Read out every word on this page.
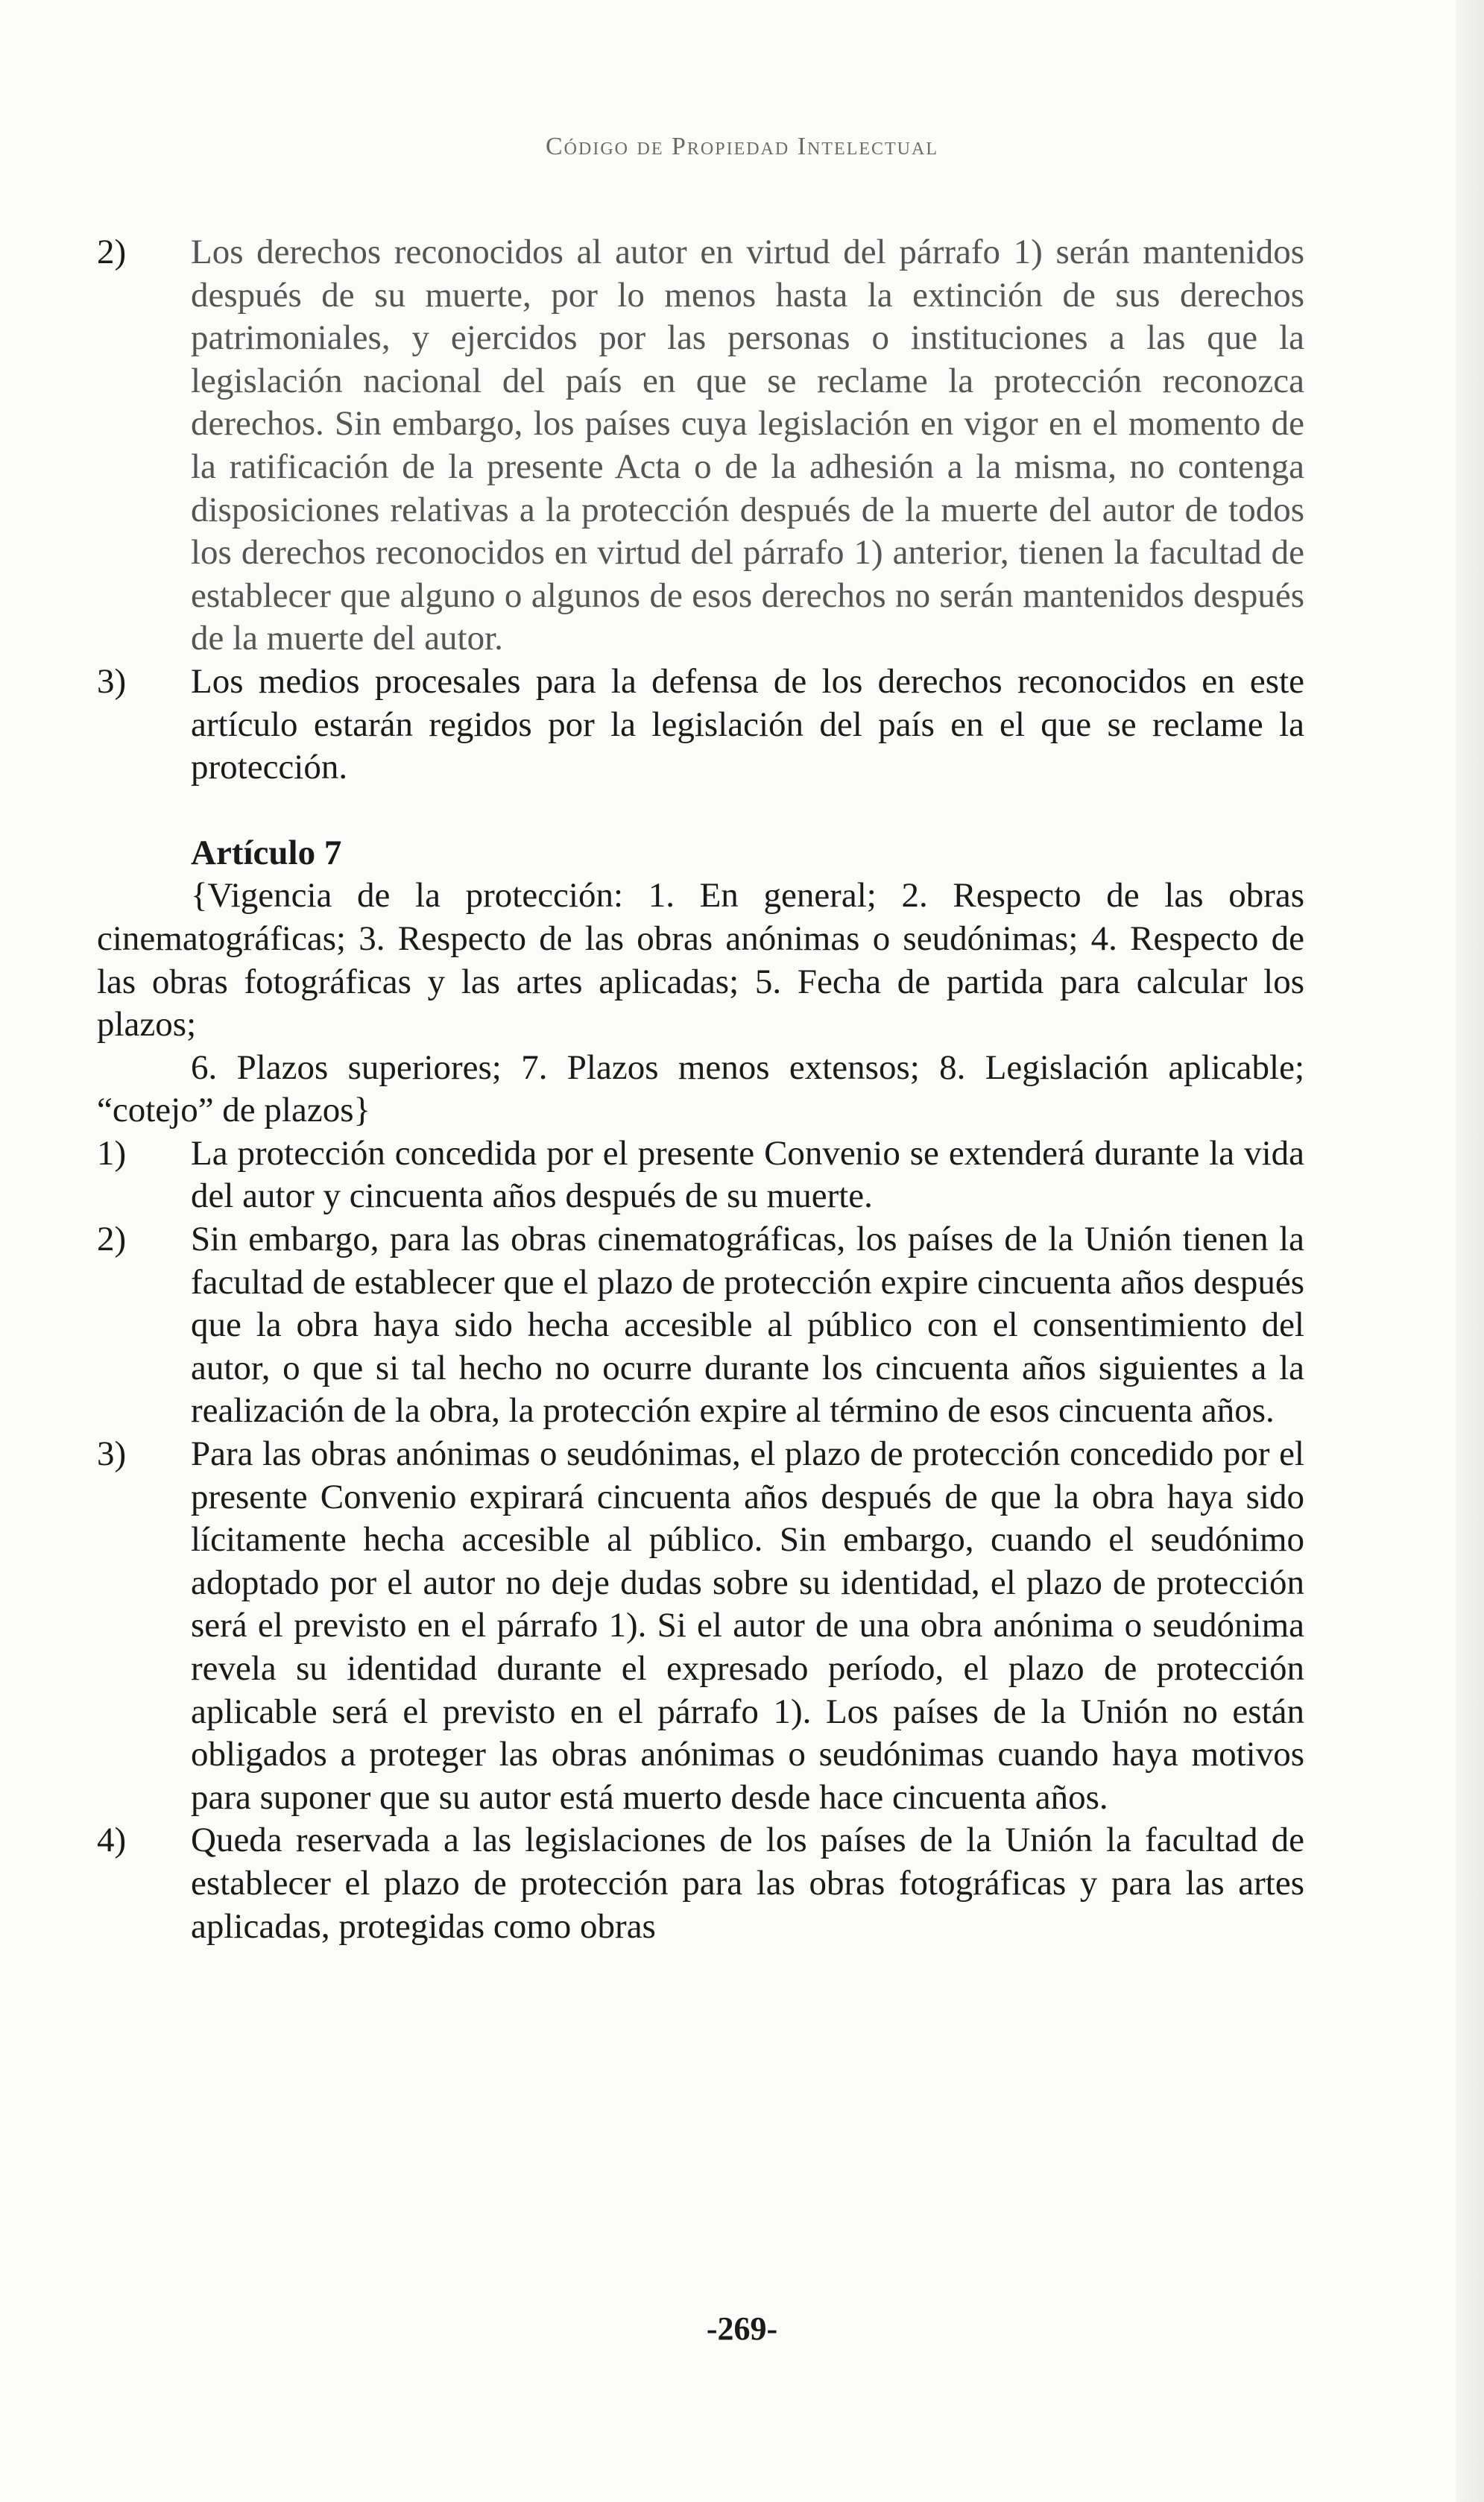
Código de Propiedad Intelectual
2) Los derechos reconocidos al autor en virtud del párrafo 1) serán mantenidos después de su muerte, por lo menos hasta la extinción de sus derechos patrimoniales, y ejercidos por las personas o instituciones a las que la legislación nacional del país en que se reclame la protección reconozca derechos. Sin embargo, los países cuya legislación en vigor en el momento de la ratificación de la presente Acta o de la adhesión a la misma, no contenga disposiciones relativas a la protección después de la muerte del autor de todos los derechos reconocidos en virtud del párrafo 1) anterior, tienen la facultad de establecer que alguno o algunos de esos derechos no serán mantenidos después de la muerte del autor.
3) Los medios procesales para la defensa de los derechos reconocidos en este artículo estarán regidos por la legislación del país en el que se reclame la protección.
Artículo 7
{Vigencia de la protección: 1. En general; 2. Respecto de las obras cinematográficas; 3. Respecto de las obras anónimas o seudónimas; 4. Respecto de las obras fotográficas y las artes aplicadas; 5. Fecha de partida para calcular los plazos;
6. Plazos superiores; 7. Plazos menos extensos; 8. Legislación aplicable; “cotejo” de plazos}
1) La protección concedida por el presente Convenio se extenderá durante la vida del autor y cincuenta años después de su muerte.
2) Sin embargo, para las obras cinematográficas, los países de la Unión tienen la facultad de establecer que el plazo de protección expire cincuenta años después que la obra haya sido hecha accesible al público con el consentimiento del autor, o que si tal hecho no ocurre durante los cincuenta años siguientes a la realización de la obra, la protección expire al término de esos cincuenta años.
3) Para las obras anónimas o seudónimas, el plazo de protección concedido por el presente Convenio expirará cincuenta años después de que la obra haya sido lícitamente hecha accesible al público. Sin embargo, cuando el seudónimo adoptado por el autor no deje dudas sobre su identidad, el plazo de protección será el previsto en el párrafo 1). Si el autor de una obra anónima o seudónima revela su identidad durante el expresado período, el plazo de protección aplicable será el previsto en el párrafo 1). Los países de la Unión no están obligados a proteger las obras anónimas o seudónimas cuando haya motivos para suponer que su autor está muerto desde hace cincuenta años.
4) Queda reservada a las legislaciones de los países de la Unión la facultad de establecer el plazo de protección para las obras fotográficas y para las artes aplicadas, protegidas como obras
-269-
